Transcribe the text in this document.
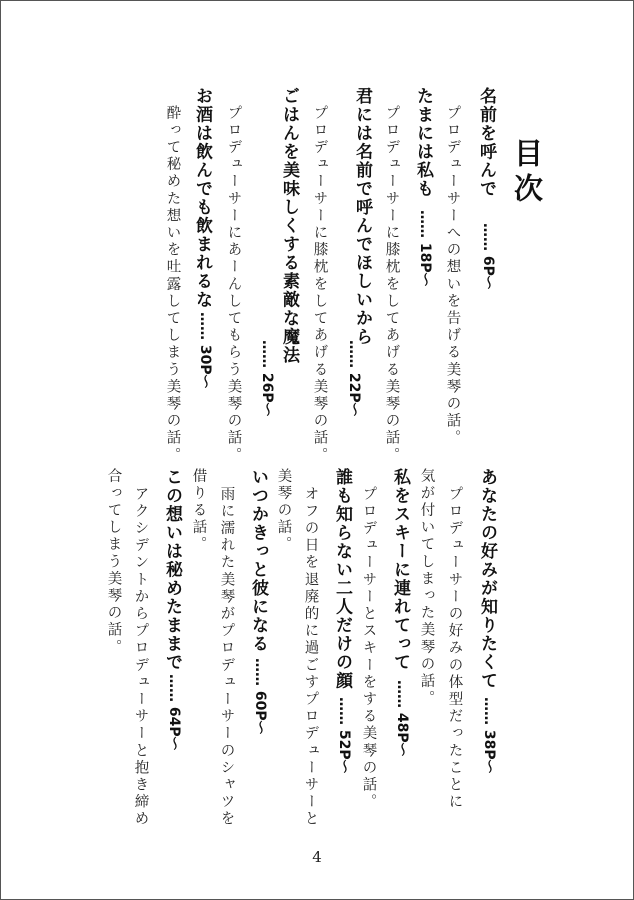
目次
名前を呼んで
…… 6P～
プロデューサーへの想いを告げる美琴の話。
たまには私も
…… 18P～
プロデューサーに膝枕をしてあげる美琴の話。
君には名前で呼んでほしいから
…… 22P～
プロデューサーに膝枕をしてあげる美琴の話。
ごはんを美味しくする素敵な魔法
…… 26P～
プロデューサーにあーんしてもらう美琴の話。
お酒は飲んでも飲まれるな
…… 30P～
酔って秘めた想いを吐露してしまう美琴の話。
あなたの好みが知りたくて
…… 38P～
プロデューサーの好みの体型だったことに
気が付いてしまった美琴の話。
私をスキーに連れてって
…… 48P～
プロデューサーとスキーをする美琴の話。
誰も知らない二人だけの顔
…… 52P～
オフの日を退廃的に過ごすプロデューサーと
美琴の話。
いつかきっと彼になる
…… 60P～
雨に濡れた美琴がプロデューサーのシャツを
借りる話。
この想いは秘めたままで
…… 64P～
アクシデントからプロデューサーと抱き締め
合ってしまう美琴の話。
4
